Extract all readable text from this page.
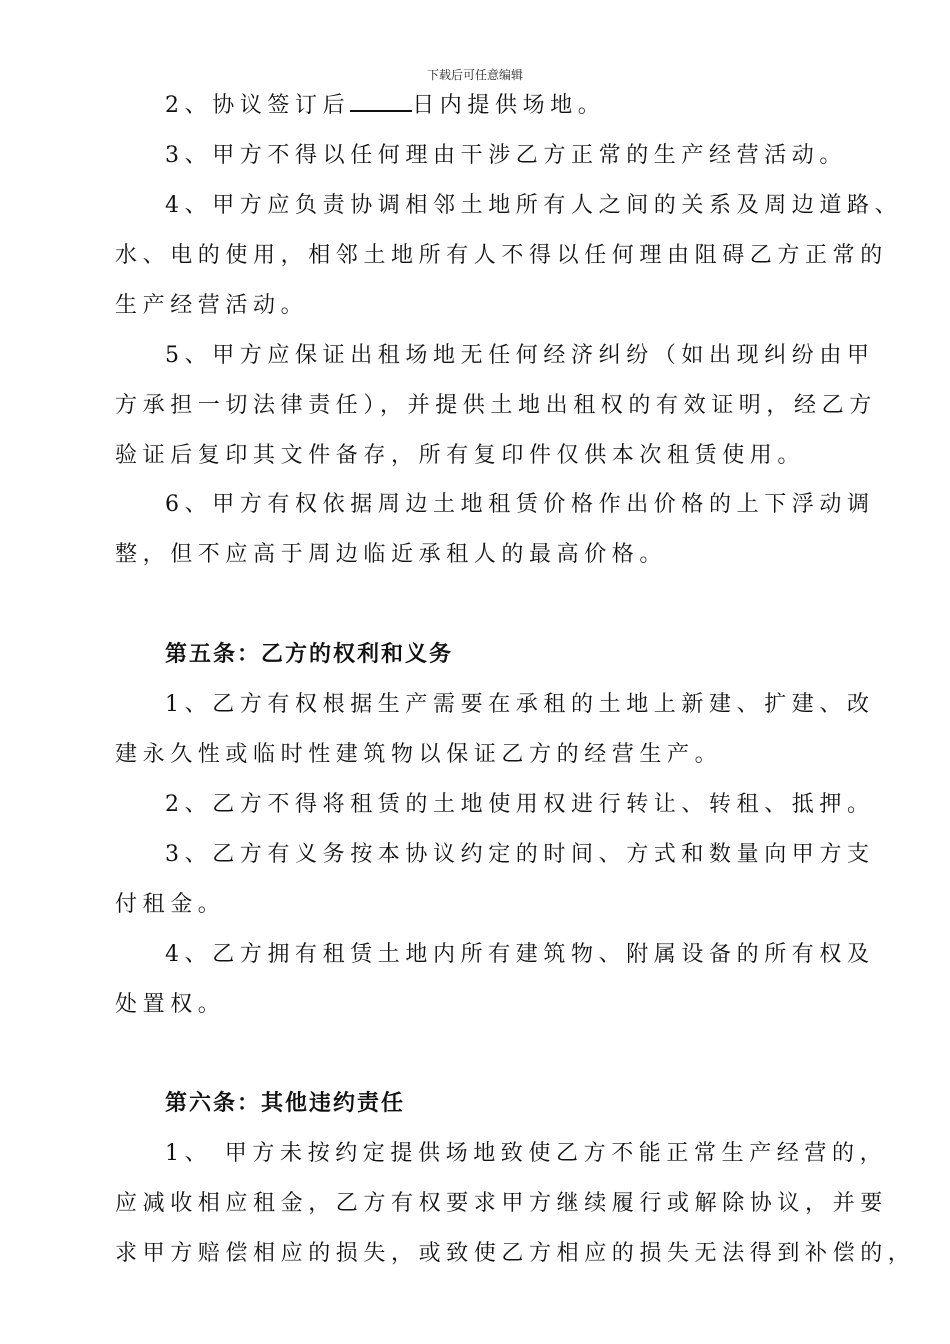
下载后可任意编辑
2、协议签订后	日内提供场地。
3、甲方不得以任何理由干涉乙方正常的生产经营活动。
4、甲方应负责协调相邻土地所有人之间的关系及周边道路、
水、电的使用，相邻土地所有人不得以任何理由阻碍乙方正常的
生产经营活动。
5、甲方应保证出租场地无任何经济纠纷（如出现纠纷由甲
方承担一切法律责任），并提供土地出租权的有效证明，经乙方
验证后复印其文件备存，所有复印件仅供本次租赁使用。
6、甲方有权依据周边土地租赁价格作出价格的上下浮动调
整，但不应高于周边临近承租人的最高价格。
第五条：乙方的权利和义务
1、乙方有权根据生产需要在承租的土地上新建、扩建、改
建永久性或临时性建筑物以保证乙方的经营生产。
2、乙方不得将租赁的土地使用权进行转让、转租、抵押。
3、乙方有义务按本协议约定的时间、方式和数量向甲方支
付租金。
4、乙方拥有租赁土地内所有建筑物、附属设备的所有权及
处置权。
第六条：其他违约责任
1、 甲方未按约定提供场地致使乙方不能正常生产经营的，
应减收相应租金，乙方有权要求甲方继续履行或解除协议，并要
求甲方赔偿相应的损失，或致使乙方相应的损失无法得到补偿的，
